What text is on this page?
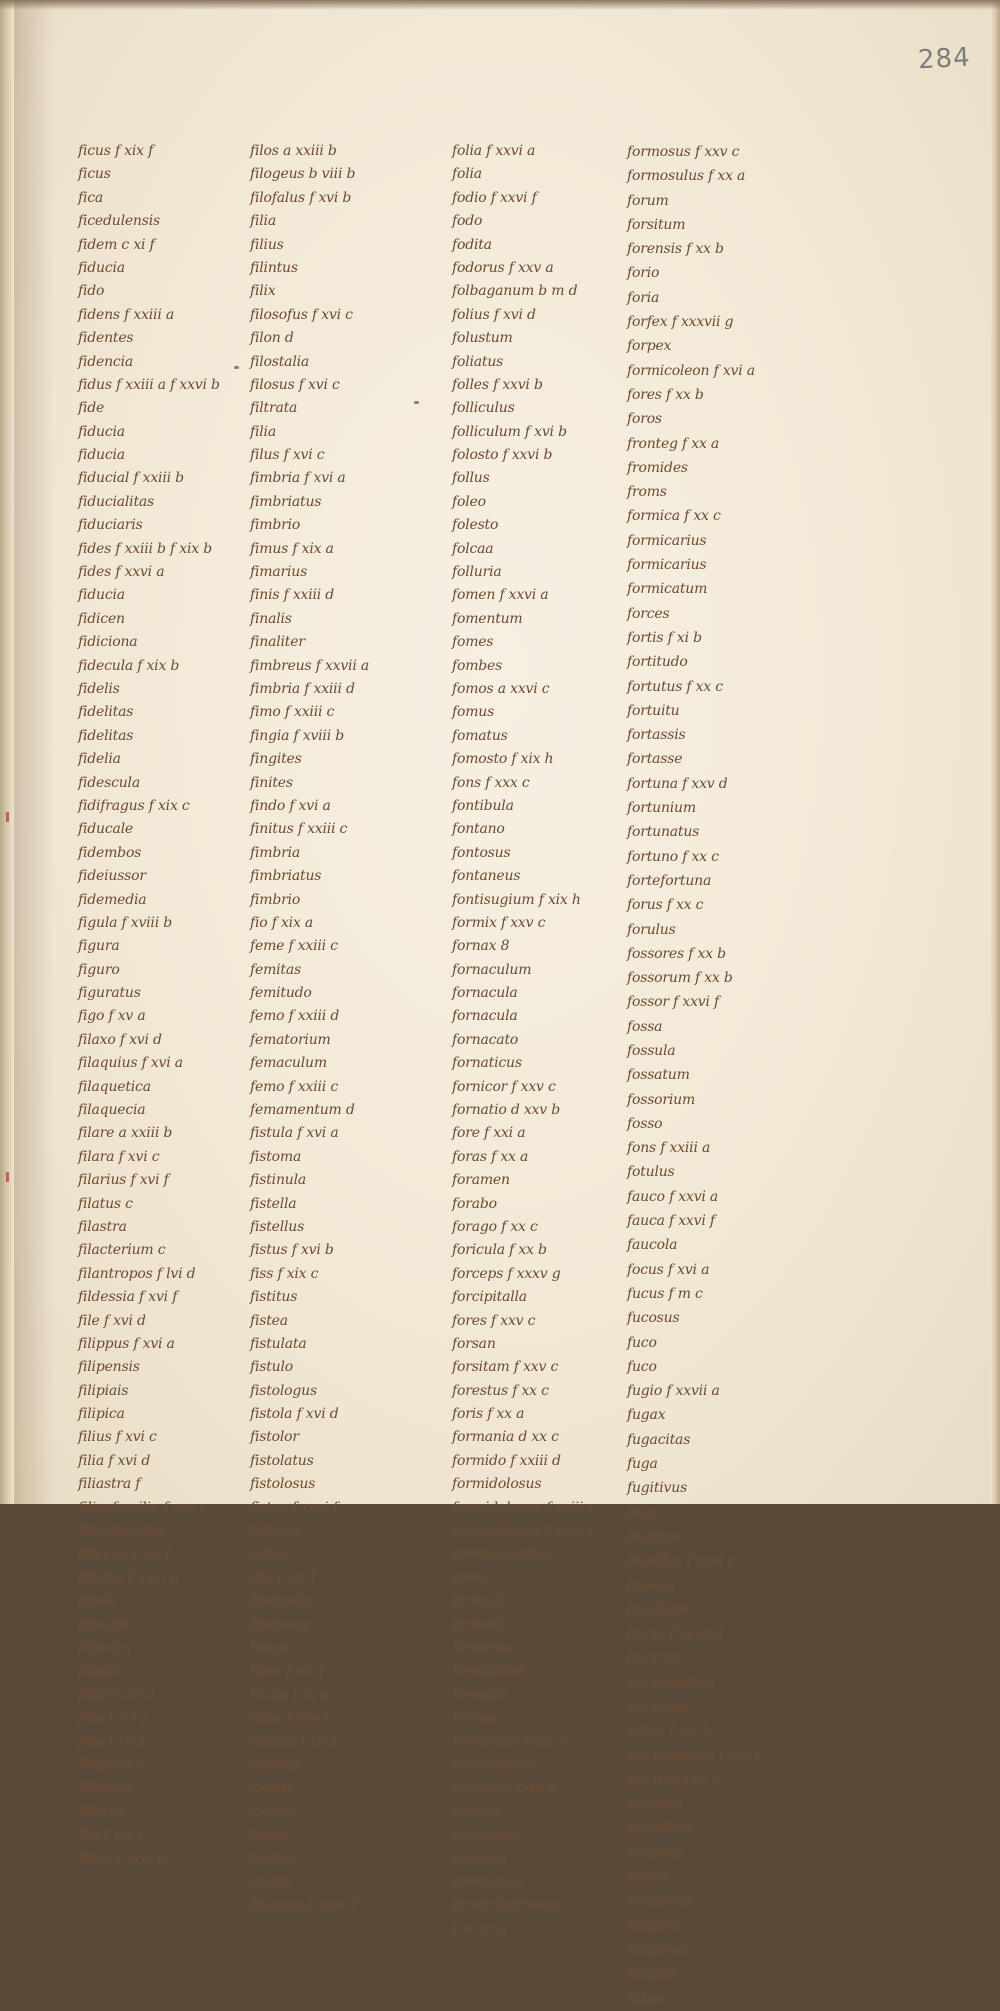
284
ficus f xix f
ficus
fica
ficedulensis
fidem c xi f
fiducia
fido
fidens f xxiii a
fidentes
fidencia
fidus f xxiii a f xxvi b
fide
fiducia
fiducia
fiducial f xxiii b
fiducialitas
fiduciaris
fides f xxiii b f xix b
fides f xxvi a
fiducia
fidicen
fidiciona
fidecula f xix b
fidelis
fidelitas
fidelitas
fidelia
fidescula
fidifragus f xix c
fiducale
fidembos
fideiussor
fidemedia
figula f xviii b
figura
figuro
figuratus
figo f xv a
filaxo f xvi d
filaquius f xvi a
filaquetica
filaquecia
filare a xxiii b
filara f xvi c
filarius f xvi f
filatus c
filastra
filacterium c
filantropos f lvi d
fildessia f xvi f
file f xvi d
filippus f xvi a
filipensis
filipiais
filipica
filius f xvi c
filia f xvi d
filiastra f
filiusfamilie f xxv c
filiusfamilias
filiceus f xvi f
filiolus f xxvi b
filiola
filiaster
filiastra
filialis
filipi f xvi a
filia f xvi f
filia f xxvi a
filialiter b
filialitas
filiatus
filo f xvi c
filius f xxvi b
filos a xxiii b
filogeus b viii b
filofalus f xvi b
filia
filius
filintus
filix
filosofus f xvi c
filon d
filostalia
filosus f xvi c
filtrata
filia
filus f xvi c
fimbria f xvi a
fimbriatus
fimbrio
fimus f xix a
fimarius
finis f xxiii d
finalis
finaliter
fimbreus f xxvii a
fimbria f xxiii d
fimo f xxiii c
fingia f xviii b
fingites
finites
findo f xvi a
finitus f xxiii c
fimbria
fimbriatus
fimbrio
fio f xix a
feme f xxiii c
femitas
femitudo
femo f xxiii d
fematorium
femaculum
femo f xxiii c
femamentum d
fistula f xvi a
fistoma
fistinula
fistella
fistellus
fistus f xvi b
fiss f xix c
fistitus
fistea
fistulata
fistulo
fistologus
fistola f xvi d
fistolor
fistolatus
fistolosus
fistus f xxvi f
fistulus
fistale
fito f xix f
fitomista
fitomeus
fiteus
fiton f xix f
fixula f xv a
fixus f xxv b
fixulus f xxvi a
fixarius
fixaris
fixatus
fixulo
fixatus
fixallo
fixaram f xxvi d
folia f xxvi a
folia
fodio f xxvi f
fodo
fodita
fodorus f xxv a
folbaganum b m d
folius f xvi d
folustum
foliatus
folles f xxvi b
folliculus
folliculum f xvi b
folosto f xxvi b
follus
foleo
folesto
folcaa
folluria
fomen f xxvi a
fomentum
fomes
fombes
fomos a xxvi c
fomus
fomatus
fomosto f xix h
fons f xxx c
fontibula
fontano
fontosus
fontaneus
fontisugium f xix h
formix f xxv c
fornax 8
fornaculum
fornacula
fornacula
fornacato
fornaticus
fornicor f xxv c
fornatio d xxv b
fore f xxi a
foras f xx a
foramen
forabo
forago f xx c
foricula f xx b
forceps f xxxv g
forcipitalla
fores f xxv c
forsan
forsitam f xxv c
forestus f xx c
foris f xx a
formania d xx c
formido f xxiii d
formidolosus
formidolosus f xxiii c
formidolosus f xxiii c
formidolositas
forma
formula
formella
formosus
formidines
formalis
formae
formicula f xxv c
formicaleon
formon f xxiii a
formus
formidum
formido
formicales
forum formosus
f xx m g
formosus f xxv c
formosulus f xx a
forum
forsitum
forensis f xx b
forio
foria
forfex f xxxvii g
forpex
formicoleon f xvi a
fores f xx b
foros
fronteg f xx a
fromides
froms
formica f xx c
formicarius
formicarius
formicatum
forces
fortis f xi b
fortitudo
fortutus f xx c
fortuitu
fortassis
fortasse
fortuna f xxv d
fortunium
fortunatus
fortuno f xx c
fortefortuna
forus f xx c
forulus
fossores f xx b
fossorum f xx b
fossor f xxvi f
fossa
fossula
fossatum
fossorium
fosso
fons f xxiii a
fotulus
fauco f xxvi a
fauca f xxvi f
faucola
focus f xvi a
fucus f m c
fucosus
fuco
fuco
fugio f xxvii a
fugax
fugacitas
fuga
fugitivus
fugo
fugitivo
fugellus f xxvi c
fugello
fugillator
fulcio f xxvii d
fulcrum
fulcimentum
fulcimen
fulica f xix b
fulcimentum f xxv c
fulcires f xx a
fulgidus
fulgiditas
fulgidus
fulgor
fulgureus
fulgurio
fulgetum
fulgens
fulgeo
